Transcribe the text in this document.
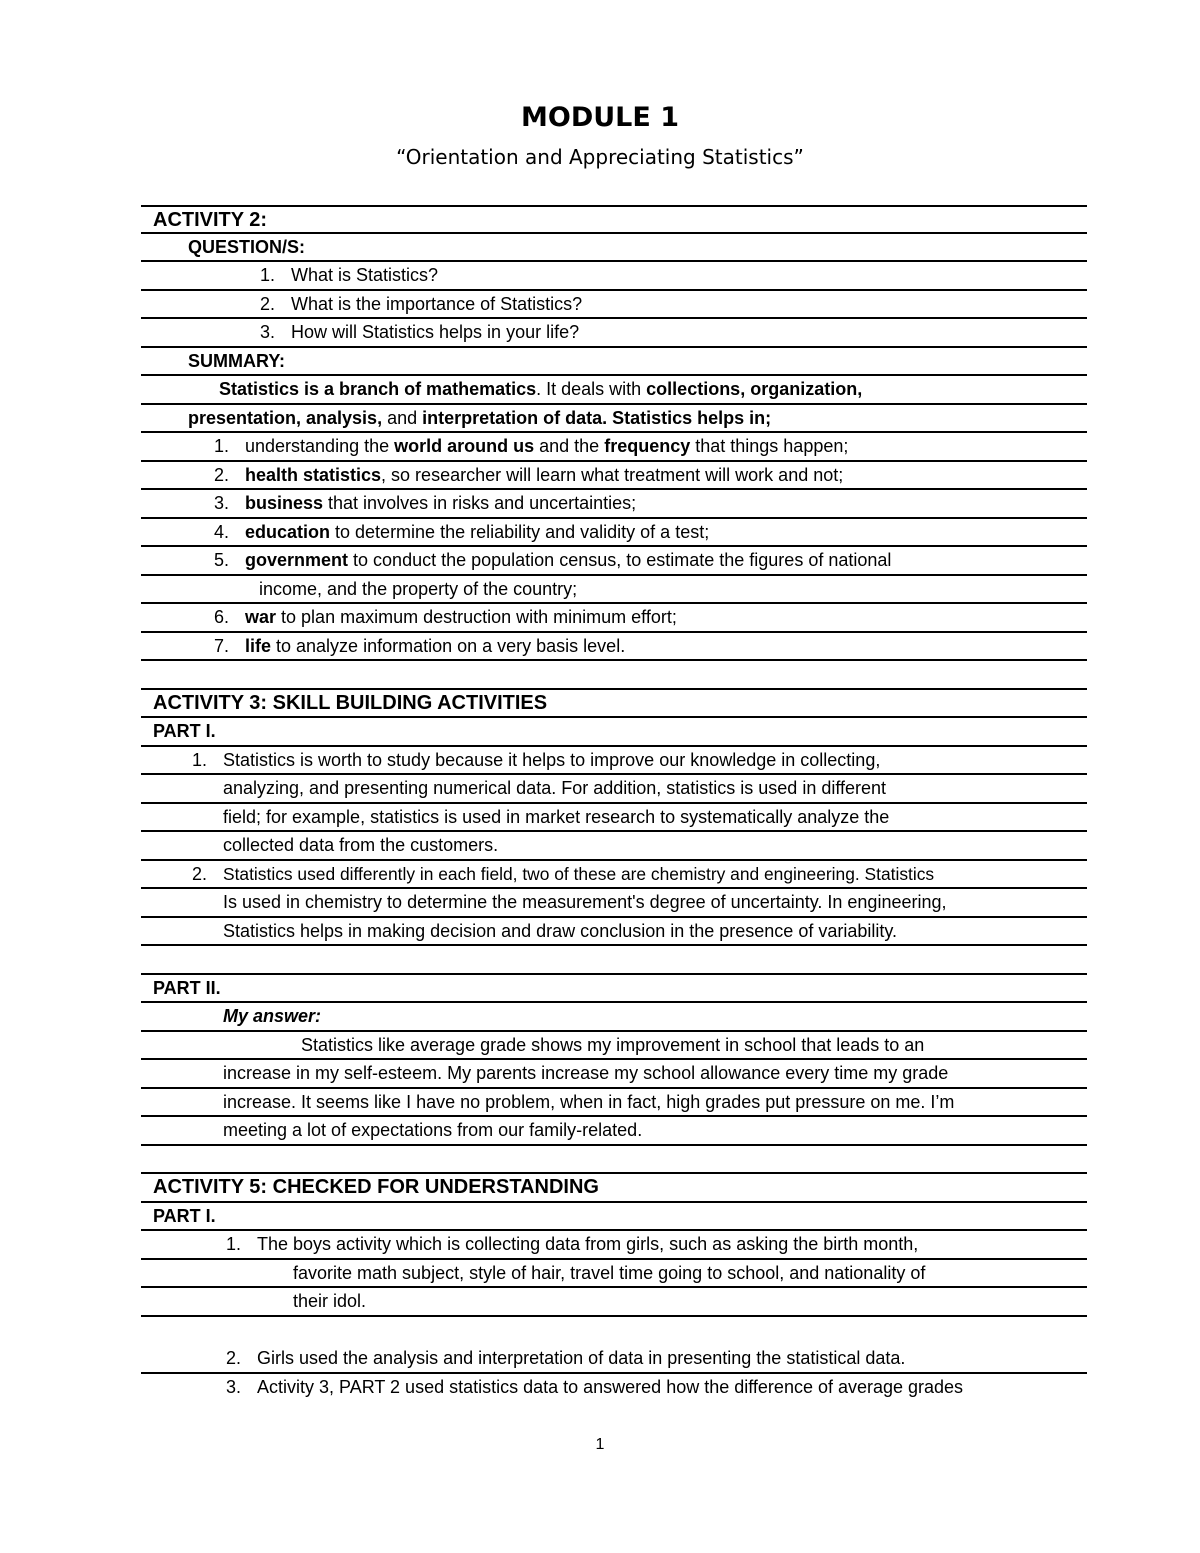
MODULE 1
“Orientation and Appreciating Statistics”
ACTIVITY 2:
QUESTION/S:
1. What is Statistics?
2. What is the importance of Statistics?
3. How will Statistics helps in your life?
SUMMARY:
Statistics is a branch of mathematics. It deals with collections, organization,
presentation, analysis, and interpretation of data. Statistics helps in;
1. understanding the world around us and the frequency that things happen;
2. health statistics, so researcher will learn what treatment will work and not;
3. business that involves in risks and uncertainties;
4. education to determine the reliability and validity of a test;
5. government to conduct the population census, to estimate the figures of national
income, and the property of the country;
6. war to plan maximum destruction with minimum effort;
7. life to analyze information on a very basis level.
ACTIVITY 3: SKILL BUILDING ACTIVITIES
PART I.
1. Statistics is worth to study because it helps to improve our knowledge in collecting,
analyzing, and presenting numerical data. For addition, statistics is used in different
field; for example, statistics is used in market research to systematically analyze the
collected data from the customers.
2. Statistics used differently in each field, two of these are chemistry and engineering. Statistics
Is used in chemistry to determine the measurement's degree of uncertainty. In engineering,
Statistics helps in making decision and draw conclusion in the presence of variability.
PART II.
My answer:
Statistics like average grade shows my improvement in school that leads to an
increase in my self-esteem. My parents increase my school allowance every time my grade
increase. It seems like I have no problem, when in fact, high grades put pressure on me. I’m
meeting a lot of expectations from our family-related.
ACTIVITY 5: CHECKED FOR UNDERSTANDING
PART I.
1. The boys activity which is collecting data from girls, such as asking the birth month,
favorite math subject, style of hair, travel time going to school, and nationality of
their idol.
2. Girls used the analysis and interpretation of data in presenting the statistical data.
3. Activity 3, PART 2 used statistics data to answered how the difference of average grades
1
